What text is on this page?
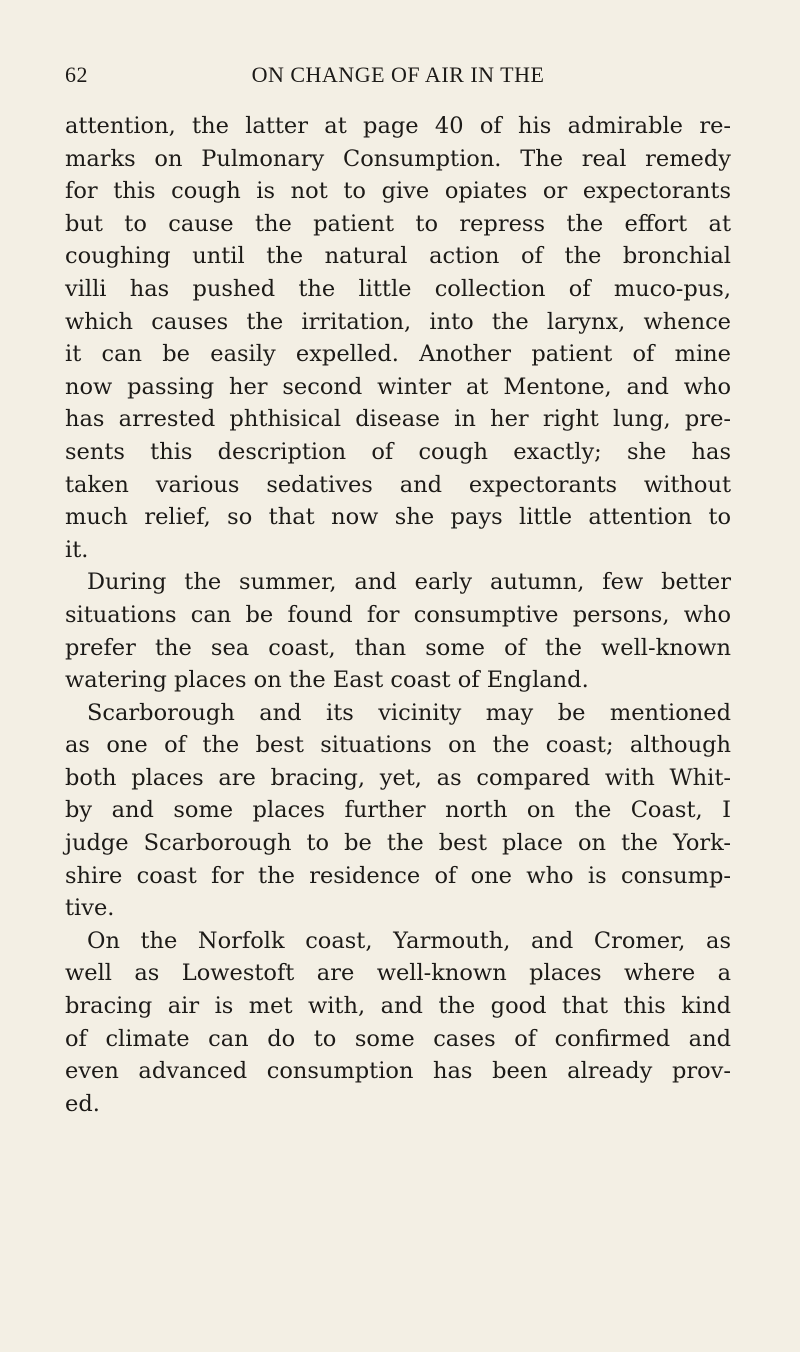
62	ON CHANGE OF AIR IN THE
attention, the latter at page 40 of his admirable re-
marks on Pulmonary Consumption. The real remedy
for this cough is not to give opiates or expectorants
but to cause the patient to repress the effort at
coughing until the natural action of the bronchial
villi has pushed the little collection of muco-pus,
which causes the irritation, into the larynx, whence
it can be easily expelled. Another patient of mine
now passing her second winter at Mentone, and who
has arrested phthisical disease in her right lung, pre-
sents this description of cough exactly; she has
taken various sedatives and expectorants without
much relief, so that now she pays little attention to
it.
During the summer, and early autumn, few better
situations can be found for consumptive persons, who
prefer the sea coast, than some of the well-known
watering places on the East coast of England.
Scarborough and its vicinity may be mentioned
as one of the best situations on the coast; although
both places are bracing, yet, as compared with Whit-
by and some places further north on the Coast, I
judge Scarborough to be the best place on the York-
shire coast for the residence of one who is consump-
tive.
On the Norfolk coast, Yarmouth, and Cromer, as
well as Lowestoft are well-known places where a
bracing air is met with, and the good that this kind
of climate can do to some cases of confirmed and
even advanced consumption has been already prov-
ed.
